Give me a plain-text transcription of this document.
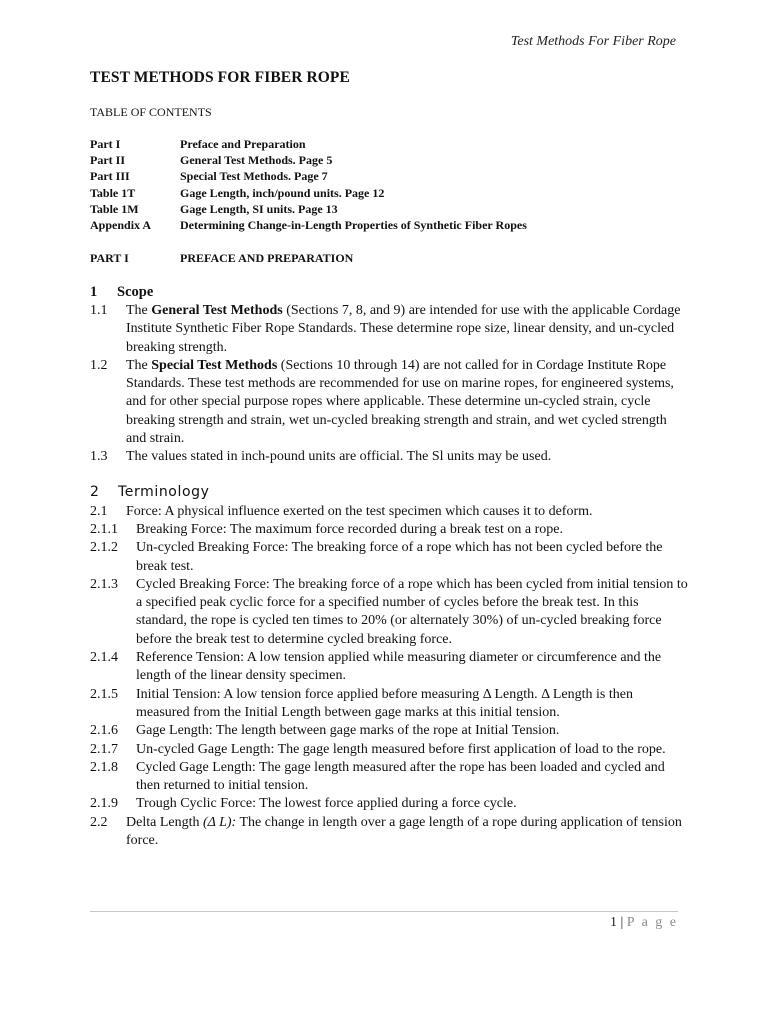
Test Methods For Fiber Rope
TEST METHODS FOR FIBER ROPE
TABLE OF CONTENTS
Part I	Preface and Preparation
Part II	General Test Methods. Page 5
Part III	Special Test Methods. Page 7
Table 1T	Gage Length, inch/pound units. Page 12
Table 1M	Gage Length, SI units. Page 13
Appendix A	Determining Change-in-Length Properties of Synthetic Fiber Ropes
PART I	PREFACE AND PREPARATION
1	Scope
1.1	The General Test Methods (Sections 7, 8, and 9) are intended for use with the applicable Cordage Institute Synthetic Fiber Rope Standards. These determine rope size, linear density, and un-cycled breaking strength.
1.2	The Special Test Methods (Sections 10 through 14) are not called for in Cordage Institute Rope Standards. These test methods are recommended for use on marine ropes, for engineered systems, and for other special purpose ropes where applicable. These determine un-cycled strain, cycle breaking strength and strain, wet un-cycled breaking strength and strain, and wet cycled strength and strain.
1.3	The values stated in inch-pound units are official. The Sl units may be used.
2	Terminology
2.1	Force: A physical influence exerted on the test specimen which causes it to deform.
2.1.1	Breaking Force: The maximum force recorded during a break test on a rope.
2.1.2	Un-cycled Breaking Force: The breaking force of a rope which has not been cycled before the break test.
2.1.3	Cycled Breaking Force: The breaking force of a rope which has been cycled from initial tension to a specified peak cyclic force for a specified number of cycles before the break test. In this standard, the rope is cycled ten times to 20% (or alternately 30%) of un-cycled breaking force before the break test to determine cycled breaking force.
2.1.4	Reference Tension: A low tension applied while measuring diameter or circumference and the length of the linear density specimen.
2.1.5	Initial Tension: A low tension force applied before measuring Δ Length. Δ Length is then measured from the Initial Length between gage marks at this initial tension.
2.1.6	Gage Length: The length between gage marks of the rope at Initial Tension.
2.1.7	Un-cycled Gage Length: The gage length measured before first application of load to the rope.
2.1.8	Cycled Gage Length: The gage length measured after the rope has been loaded and cycled and then returned to initial tension.
2.1.9	Trough Cyclic Force: The lowest force applied during a force cycle.
2.2	Delta Length (Δ L): The change in length over a gage length of a rope during application of tension force.
1 | P a g e
